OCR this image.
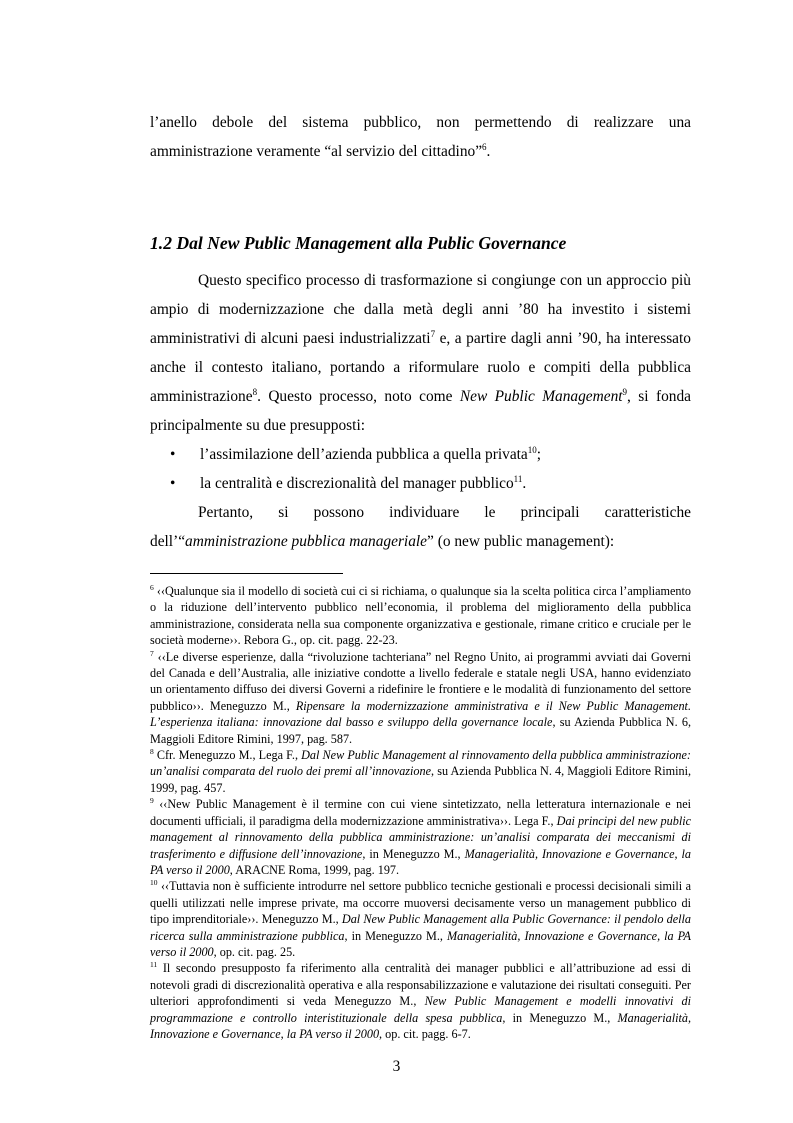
l’anello debole del sistema pubblico, non permettendo di realizzare una amministrazione veramente “al servizio del cittadino”$^6$.

1.2 Dal New Public Management alla Public Governance

Questo specifico processo di trasformazione si congiunge con un approccio più ampio di modernizzazione che dalla metà degli anni ’80 ha investito i sistemi amministrativi di alcuni paesi industrializzati$^7$ e, a partire dagli anni ’90, ha interessato anche il contesto italiano, portando a riformulare ruolo e compiti della pubblica amministrazione$^8$. Questo processo, noto come New Public Management$^9$, si fonda principalmente su due presupposti:

• l’assimilazione dell’azienda pubblica a quella privata$^{10}$;
• la centralità e discrezionalità del manager pubblico$^{11}$.

Pertanto, si possono individuare le principali caratteristiche dell’“amministrazione pubblica manageriale” (o new public management):

$^6$ ‹‹Qualunque sia il modello di società cui ci si richiama, o qualunque sia la scelta politica circa l’ampliamento o la riduzione dell’intervento pubblico nell’economia, il problema del miglioramento della pubblica amministrazione, considerata nella sua componente organizzativa e gestionale, rimane critico e cruciale per le società moderne››. Rebora G., op. cit. pagg. 22-23.

$^7$ ‹‹Le diverse esperienze, dalla “rivoluzione tachteriana” nel Regno Unito, ai programmi avviati dai Governi del Canada e dell’Australia, alle iniziative condotte a livello federale e statale negli USA, hanno evidenziato un orientamento diffuso dei diversi Governi a ridefinire le frontiere e le modalità di funzionamento del settore pubblico››. Meneguzzo M., Ripensare la modernizzazione amministrativa e il New Public Management. L’esperienza italiana: innovazione dal basso e sviluppo della governance locale, su Azienda Pubblica N. 6, Maggioli Editore Rimini, 1997, pag. 587.

$^8$ Cfr. Meneguzzo M., Lega F., Dal New Public Management al rinnovamento della pubblica amministrazione: un’analisi comparata del ruolo dei premi all’innovazione, su Azienda Pubblica N. 4, Maggioli Editore Rimini, 1999, pag. 457.

$^9$ ‹‹New Public Management è il termine con cui viene sintetizzato, nella letteratura internazionale e nei documenti ufficiali, il paradigma della modernizzazione amministrativa››. Lega F., Dai principi del new public management al rinnovamento della pubblica amministrazione: un’analisi comparata dei meccanismi di trasferimento e diffusione dell’innovazione, in Meneguzzo M., Managerialità, Innovazione e Governance, la PA verso il 2000, ARACNE Roma, 1999, pag. 197.

$^{10}$ ‹‹Tuttavia non è sufficiente introdurre nel settore pubblico tecniche gestionali e processi decisionali simili a quelli utilizzati nelle imprese private, ma occorre muoversi decisamente verso un management pubblico di tipo imprenditoriale››. Meneguzzo M., Dal New Public Management alla Public Governance: il pendolo della ricerca sulla amministrazione pubblica, in Meneguzzo M., Managerialità, Innovazione e Governance, la PA verso il 2000, op. cit. pag. 25.

$^{11}$ Il secondo presupposto fa riferimento alla centralità dei manager pubblici e all’attribuzione ad essi di notevoli gradi di discrezionalità operativa e alla responsabilizzazione e valutazione dei risultati conseguiti. Per ulteriori approfondimenti si veda Meneguzzo M., New Public Management e modelli innovativi di programmazione e controllo interistituzionale della spesa pubblica, in Meneguzzo M., Managerialità, Innovazione e Governance, la PA verso il 2000, op. cit. pagg. 6-7.

3
